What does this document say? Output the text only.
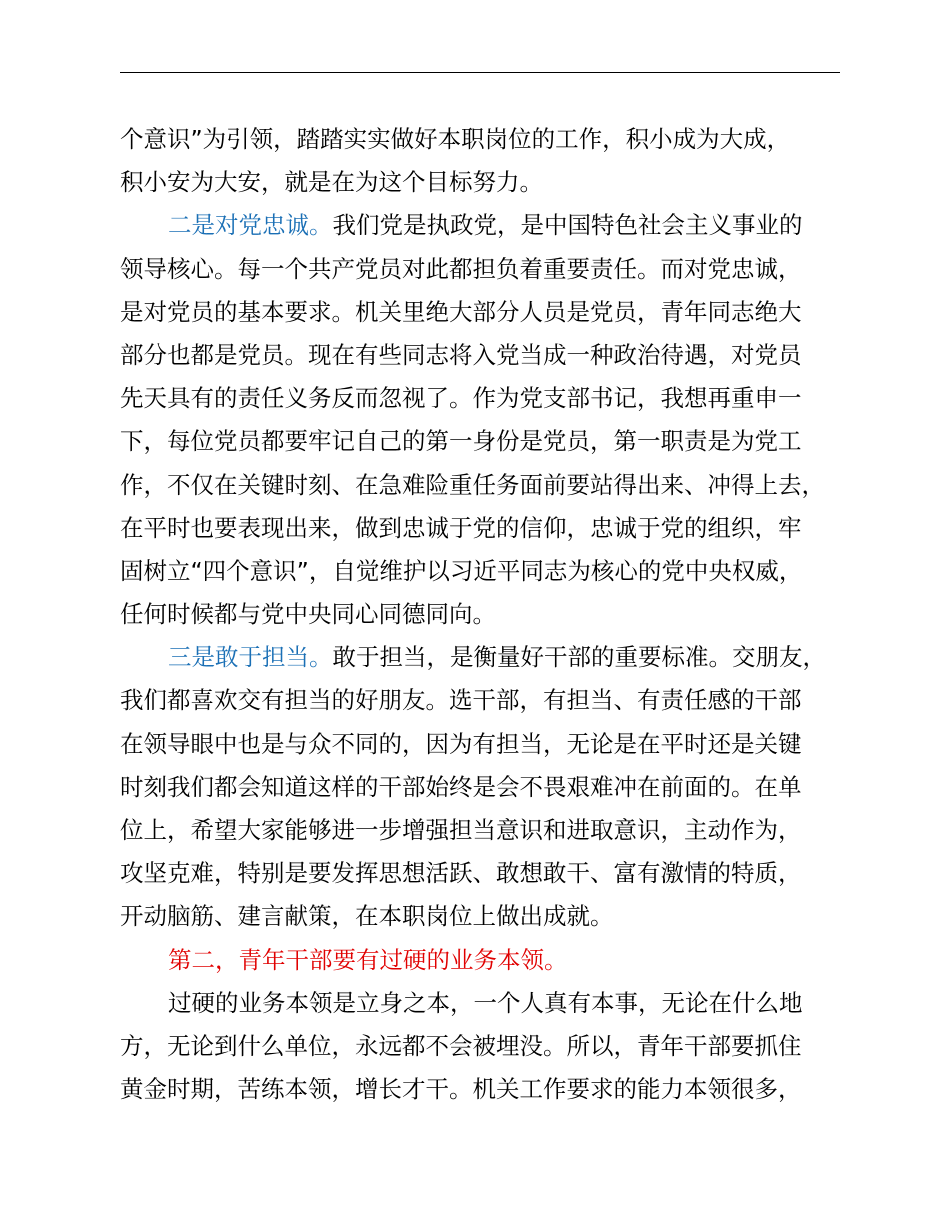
个意识”为引领，踏踏实实做好本职岗位的工作，积小成为大成，
积小安为大安，就是在为这个目标努力。
二是对党忠诚。我们党是执政党，是中国特色社会主义事业的
领导核心。每一个共产党员对此都担负着重要责任。而对党忠诚，
是对党员的基本要求。机关里绝大部分人员是党员，青年同志绝大
部分也都是党员。现在有些同志将入党当成一种政治待遇，对党员
先天具有的责任义务反而忽视了。作为党支部书记，我想再重申一
下，每位党员都要牢记自己的第一身份是党员，第一职责是为党工
作，不仅在关键时刻、在急难险重任务面前要站得出来、冲得上去，
在平时也要表现出来，做到忠诚于党的信仰，忠诚于党的组织，牢
固树立“四个意识”，自觉维护以习近平同志为核心的党中央权威，
任何时候都与党中央同心同德同向。
三是敢于担当。敢于担当，是衡量好干部的重要标准。交朋友，
我们都喜欢交有担当的好朋友。选干部，有担当、有责任感的干部
在领导眼中也是与众不同的，因为有担当，无论是在平时还是关键
时刻我们都会知道这样的干部始终是会不畏艰难冲在前面的。在单
位上，希望大家能够进一步增强担当意识和进取意识，主动作为，
攻坚克难，特别是要发挥思想活跃、敢想敢干、富有激情的特质，
开动脑筋、建言献策，在本职岗位上做出成就。
第二，青年干部要有过硬的业务本领。
过硬的业务本领是立身之本，一个人真有本事，无论在什么地
方，无论到什么单位，永远都不会被埋没。所以，青年干部要抓住
黄金时期，苦练本领，增长才干。机关工作要求的能力本领很多，
